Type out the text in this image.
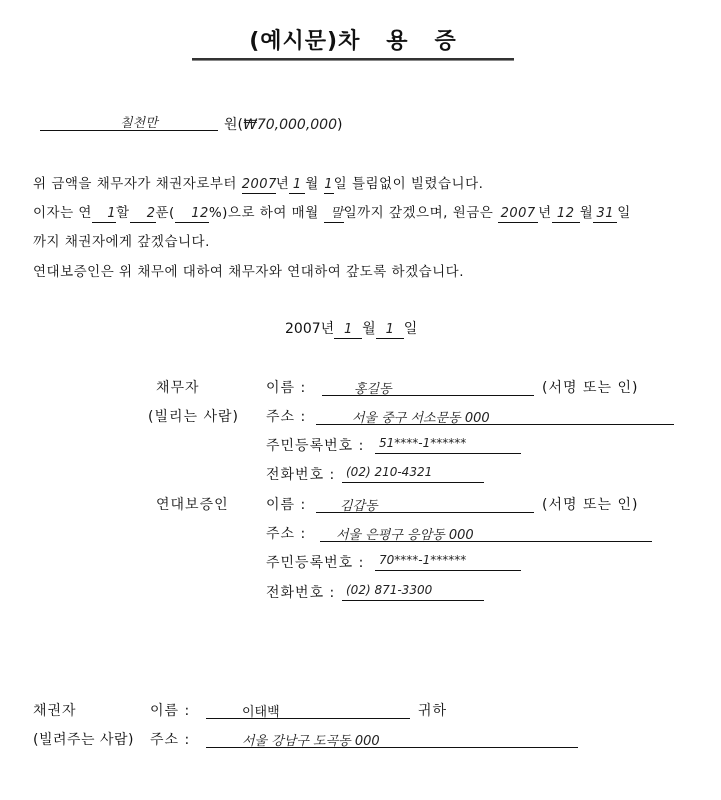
(예시문)차   용   증
칠천만	원(₩70,000,000)
위 금액을 채무자가 채권자로부터 2007년 1 월 1일 틀림없이 빌렸습니다.
이자는 연 1할 2푼( 12%)으로 하여 매월 말일까지 갚겠으며, 원금은 2007 년 12 월 31 일
까지 채권자에게 갚겠습니다.
연대보증인은 위 채무에 대하여 채무자와 연대하여 갚도록 하겠습니다.
2007년 1 월 1 일
채무자
(빌리는 사람)
이름 :	홍길동	(서명 또는 인)
주소 :	서울 중구 서소문동 000
주민등록번호 : 51****-1******
전화번호 : (02) 210-4321
연대보증인	이름 :	김갑동	(서명 또는 인)
주소 : 서울 은평구 응암동 000
주민등록번호 : 70****-1******
전화번호 : (02) 871-3300
채권자
(빌려주는 사람)
이름 :	이태백	귀하
주소 :	서울 강남구 도곡동 000
